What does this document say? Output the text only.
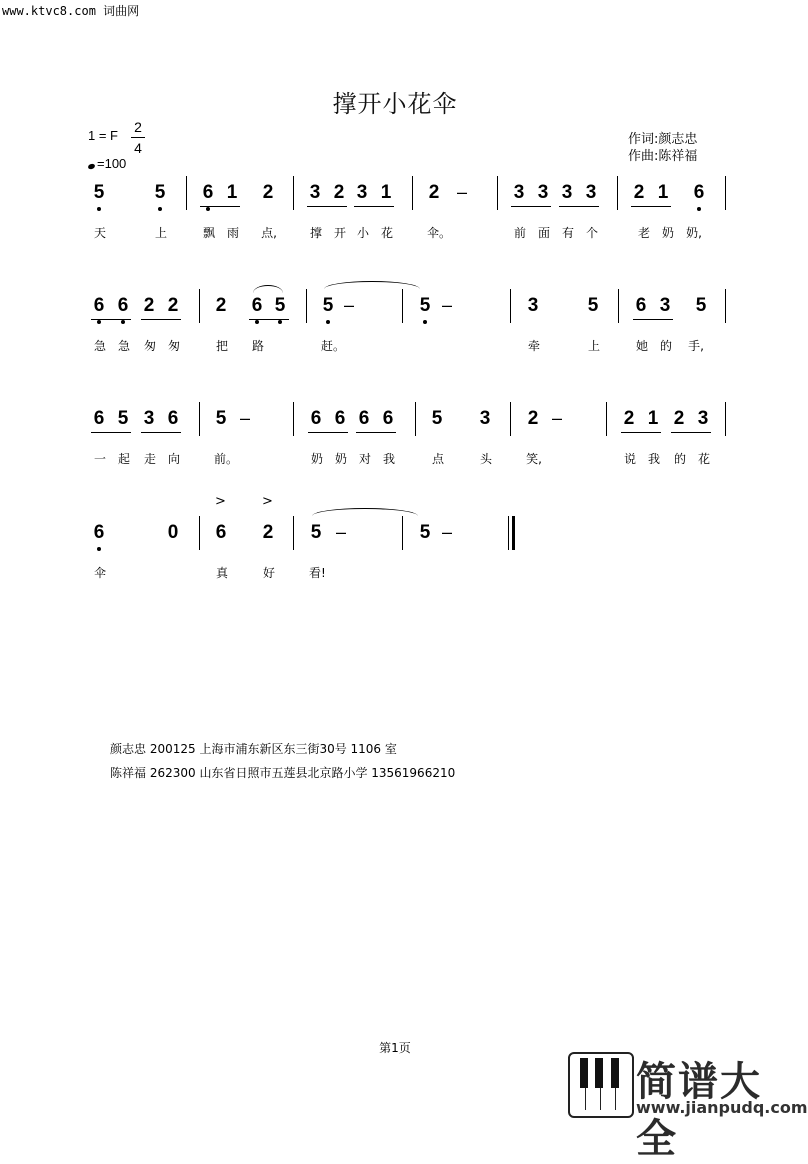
www.ktvc8.com 词曲网
撑开小花伞
1 = F
2
4
=100
作词:颜志忠
作曲:陈祥福
5	5 6 1 2 3 2 3 1 2 – 3 3 3 3 2 1 6
天	上	飘 雨 点,	撑 开 小 花	伞。	前 面 有 个	老 奶 奶,
6 6 2 2 2 6 5 5 –	5 –	3	5 6 3 5
急 急 匆 匆	把 路	赶。	牵	上	她 的 手,
6 5 3 6 5 –	6 6 6 6 5 3 2 –	2 1 2 3
一 起 走 向	前。	奶 奶 对 我	点	头	笑,	说 我 的 花
6	0
>
6
>
2 5 –	5 –
伞	真	好	看!
颜志忠 200125 上海市浦东新区东三街30号 1106 室
陈祥福 262300 山东省日照市五莲县北京路小学 13561966210
第1页
简谱大全
www.jianpudq.com
